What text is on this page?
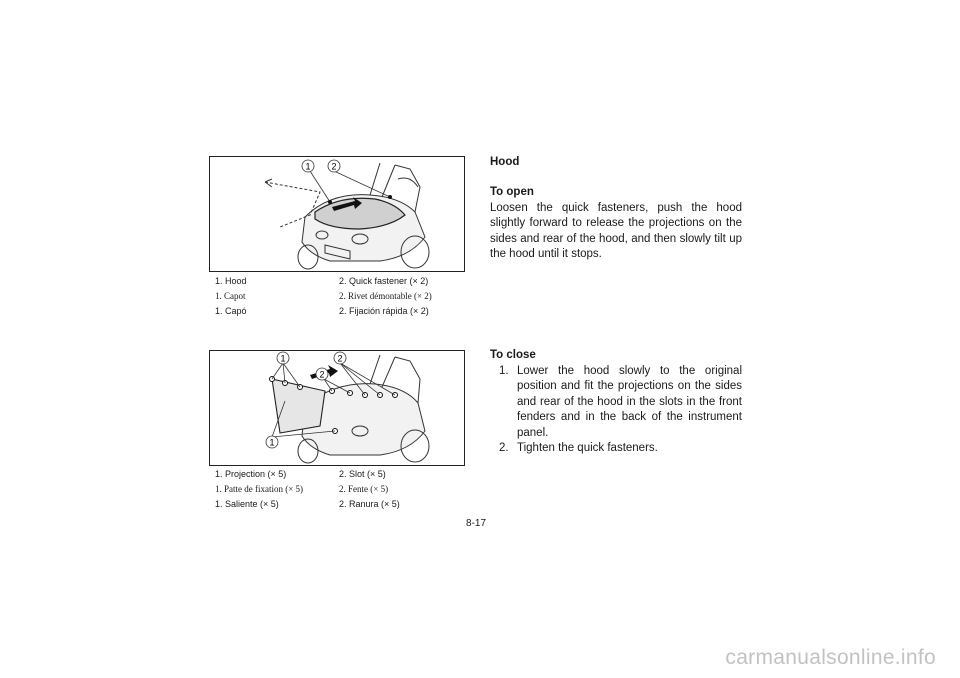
1 2
1. Hood	2. Quick fastener (× 2)
1. Capot	2. Rivet démontable (× 2)
1. Capó	2. Fijación rápida (× 2)
1	2
2
1
1. Projection (× 5)	2. Slot (× 5)
1. Patte de fixation (× 5)	2. Fente (× 5)
1. Saliente (× 5)	2. Ranura (× 5)
Hood
To open
Loosen the quick fasteners, push the hood slightly forward to release the projections on the sides and rear of the hood, and then slowly tilt up the hood until it stops.
To close
1. Lower the hood slowly to the original position and fit the projections on the sides and rear of the hood in the slots in the front fenders and in the back of the instrument panel.
2. Tighten the quick fasteners.
8-17
carmanualsonline.info
